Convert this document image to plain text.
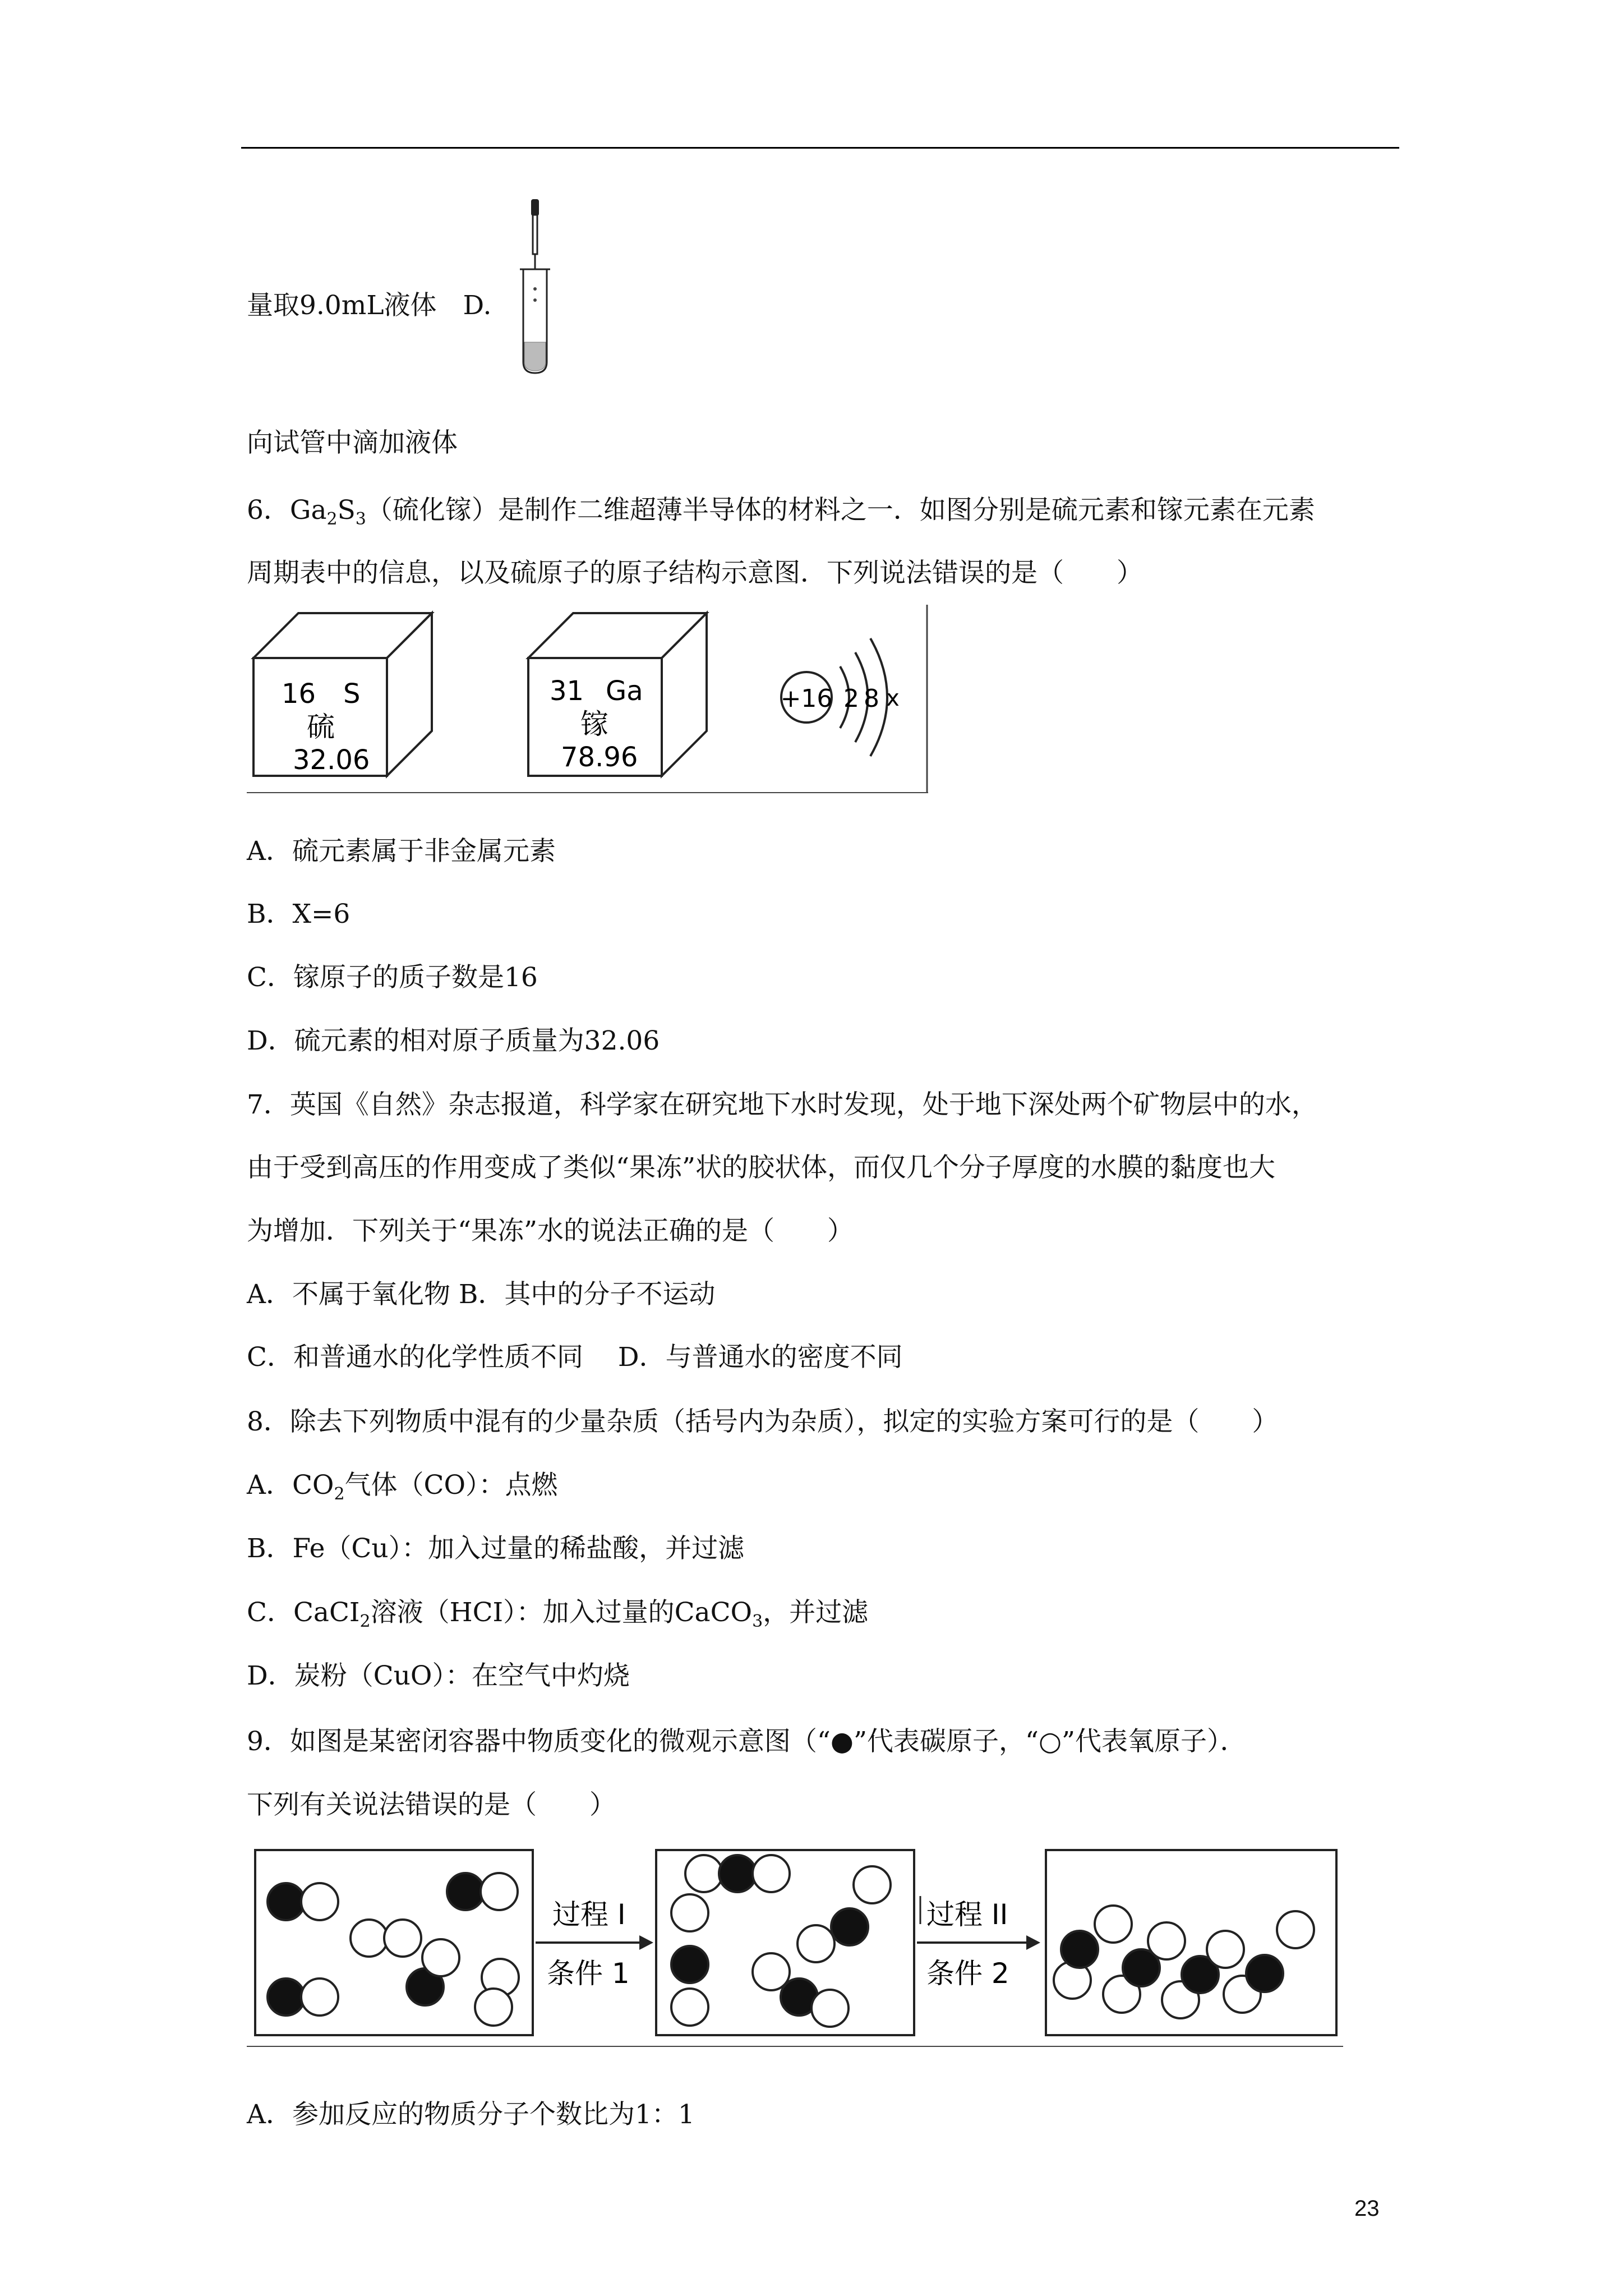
量取9.0mL液体　 D.
向试管中滴加液体
6．$Ga_2S_3$（硫化镓）是制作二维超薄半导体的材料之一．如图分别是硫元素和镓元素在元素
周期表中的信息，以及硫原子的原子结构示意图．下列说法错误的是（　　）
16 S
硫
32.06
31 Ga
镓
78.96
+16 2 8 x
A．硫元素属于非金属元素
B．X=6
C．镓原子的质子数是16
D．硫元素的相对原子质量为32.06
7．英国《自然》杂志报道，科学家在研究地下水时发现，处于地下深处两个矿物层中的水，
由于受到高压的作用变成了类似“果冻”状的胶状体，而仅几个分子厚度的水膜的黏度也大
为增加．下列关于“果冻”水的说法正确的是（　　）
A．不属于氧化物 B．其中的分子不运动
C．和普通水的化学性质不同　 D．与普通水的密度不同
8．除去下列物质中混有的少量杂质（括号内为杂质），拟定的实验方案可行的是（　　）
A．$CO_2$气体（CO）：点燃
B．Fe（Cu）：加入过量的稀盐酸，并过滤
C．CaCI$_2$溶液（HCI）：加入过量的CaCO$_3$，并过滤
D．炭粉（CuO）：在空气中灼烧
9．如图是某密闭容器中物质变化的微观示意图（“●”代表碳原子，“○”代表氧原子）．
下列有关说法错误的是（　　）
过程 I
条件 1
过程 II
条件 2
A．参加反应的物质分子个数比为1：1
23
